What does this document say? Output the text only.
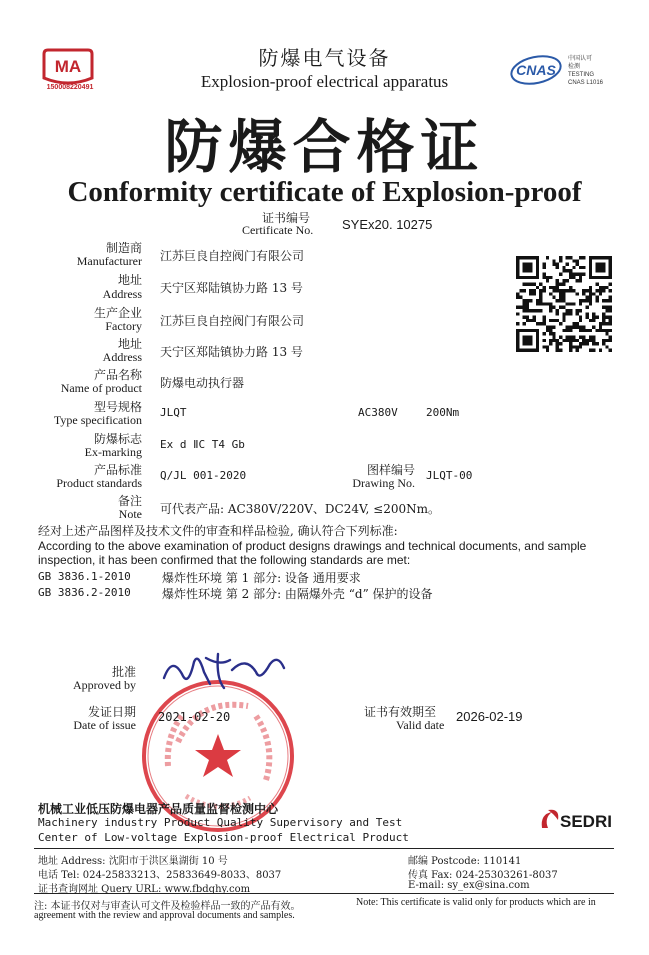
MA
150008220491
CNAS
中国认可
检测
TESTING
CNAS L1016
防爆电气设备
Explosion-proof electrical apparatus
防爆合格证
Conformity certificate of Explosion-proof
证书编号
Certificate No. SYEx20. 10275
制造商
Manufacturer 江苏巨良自控阀门有限公司
地址
Address 天宁区郑陆镇协力路 13 号
生产企业
Factory 江苏巨良自控阀门有限公司
地址
Address 天宁区郑陆镇协力路 13 号
产品名称
Name of product 防爆电动执行器
型号规格
Type specification
JLQT	AC380V	200Nm
防爆标志
Ex-marking
Ex d ⅡC T4 Gb
产品标准
Product standards
Q/JL 001-2020	图样编号
Drawing No.
JLQT-00
备注
Note 可代表产品: AC380V/220V、DC24V, ≤200Nm。
经对上述产品图样及技术文件的审查和样品检验, 确认符合下列标准:
According to the above examination of product designs drawings and technical documents, and sample
inspection, it has been confirmed that the following standards are met:
GB 3836.1-2010	爆炸性环境 第 1 部分: 设备 通用要求
GB 3836.2-2010	爆炸性环境 第 2 部分: 由隔爆外壳 “d” 保护的设备
批准
Approved by
发证日期
Date of issue
2021-02-20	证书有效期至
Valid date
2026-02-19
机械工业低压防爆电器产品质量监督检测中心
Machinery industry Product Quality Supervisory and Test
Center of Low-voltage Explosion-proof Electrical Product
SEDRI
地址 Address: 沈阳市于洪区巢湖街 10 号	邮编 Postcode: 110141
电话 Tel: 024-25833213、25833649-8033、8037	传真 Fax: 024-25303261-8037
证书查询网址 Query URL: www.fbdqhy.com	E-mail: sy_ex@sina.com
注: 本证书仅对与审查认可文件及检验样品一致的产品有效。	Note: This certificate is valid only for products which are in
agreement with the review and approval documents and samples.
